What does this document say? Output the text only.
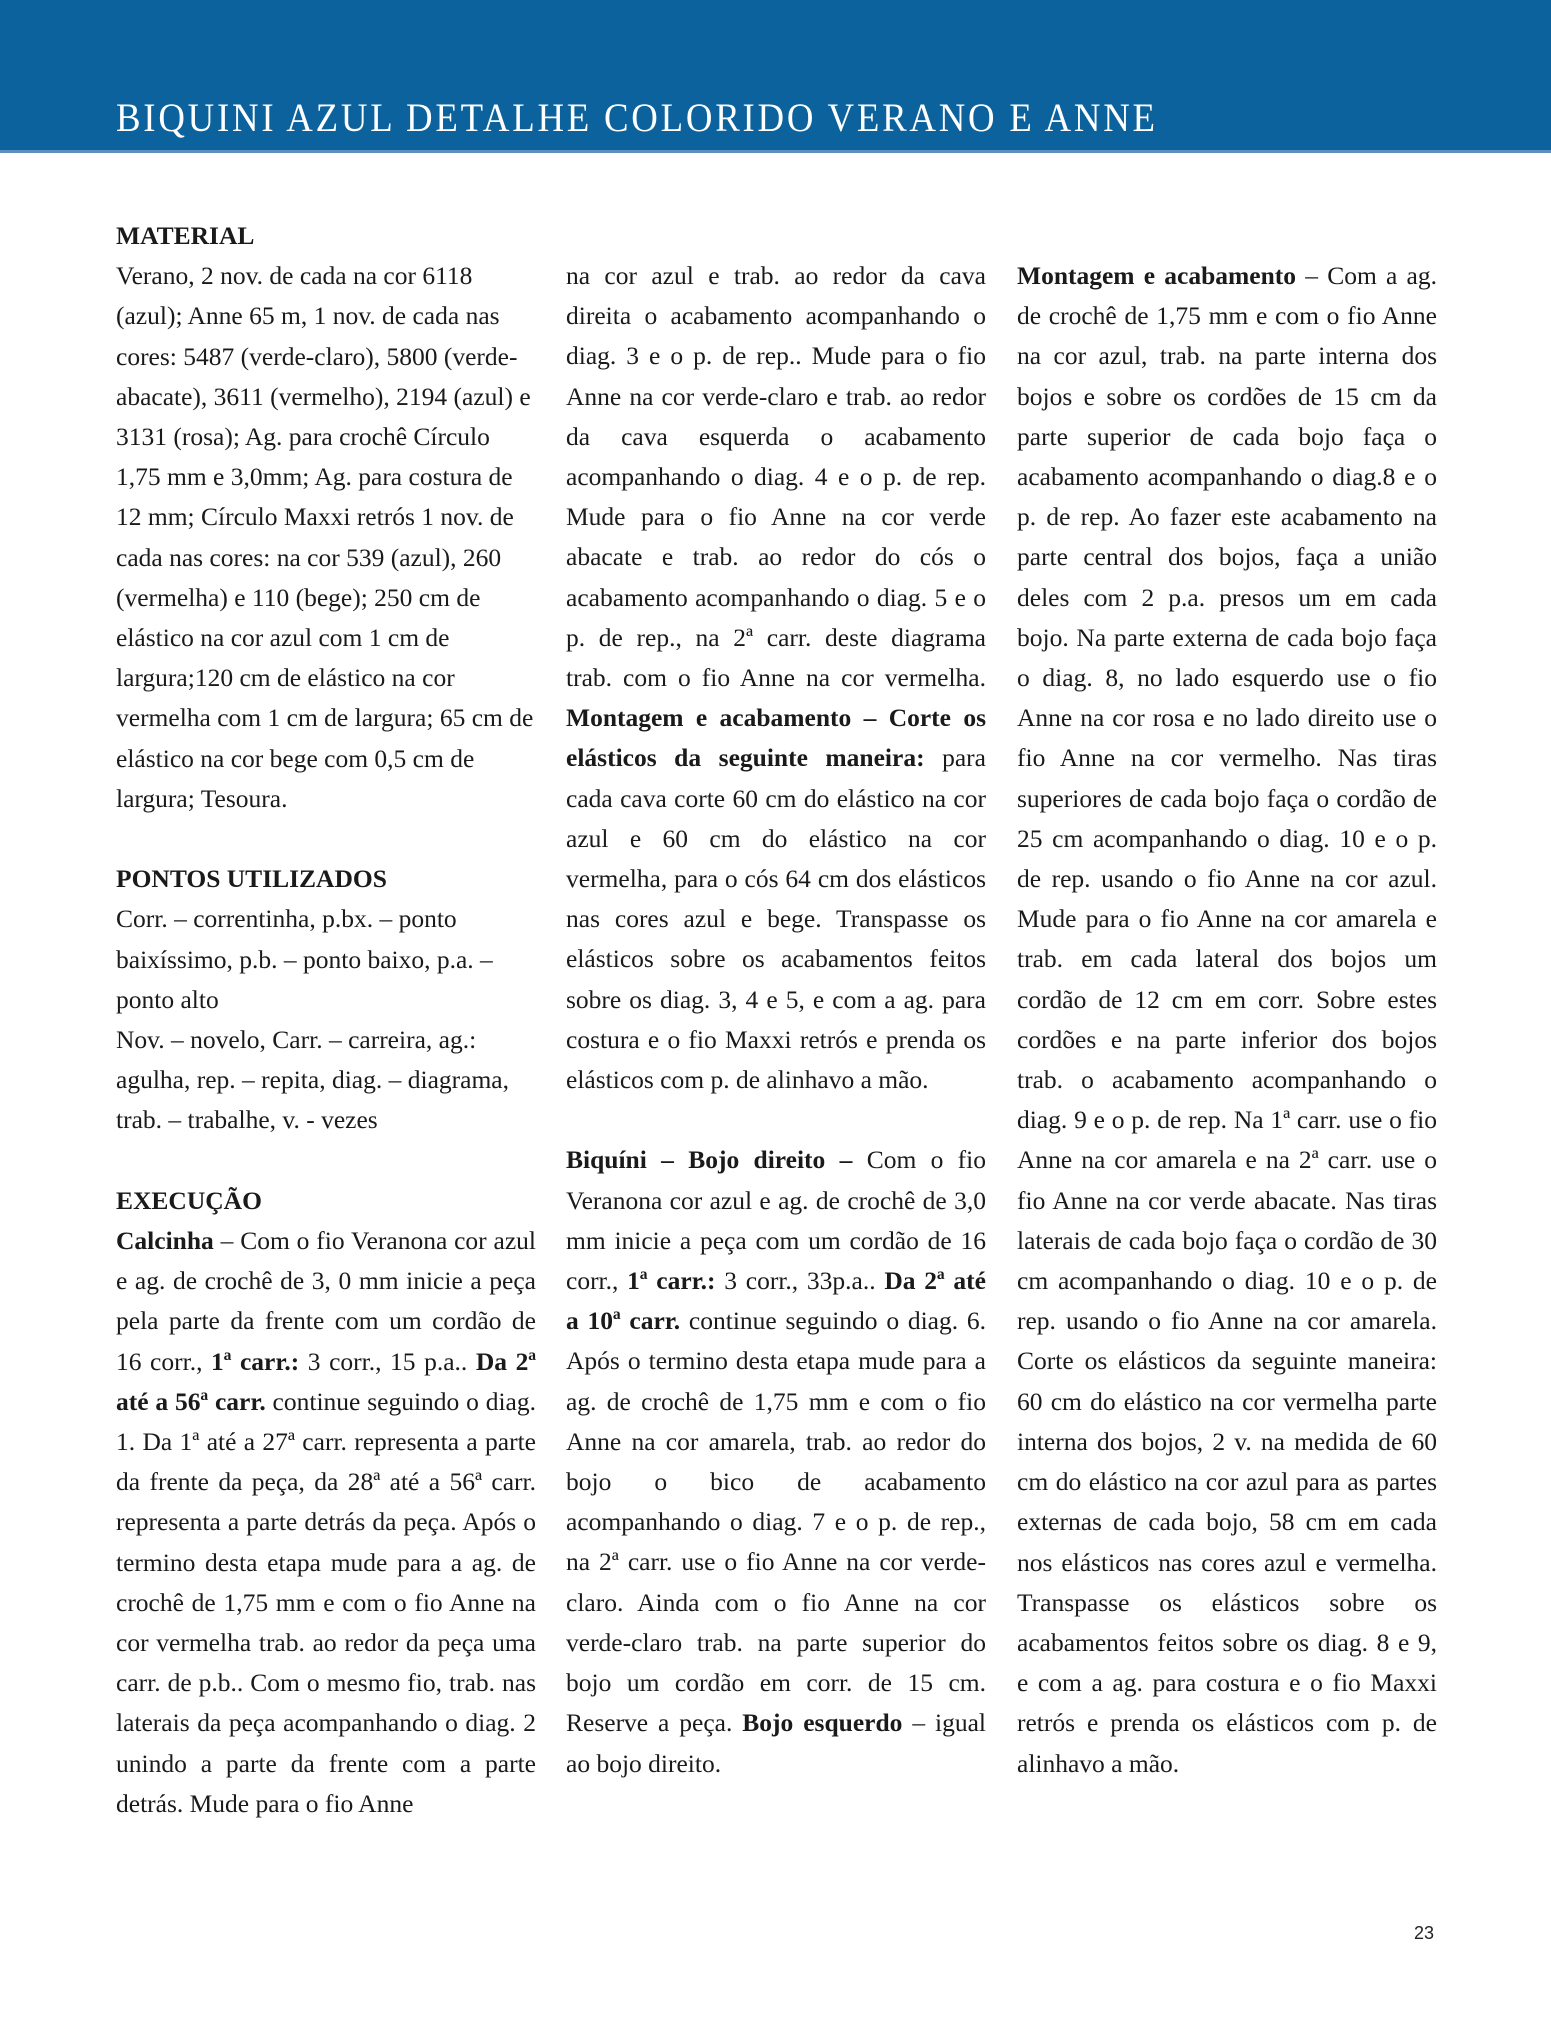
BIQUINI AZUL DETALHE COLORIDO VERANO E ANNE

MATERIAL

Verano, 2 nov. de cada na cor 6118 (azul); Anne 65 m, 1 nov. de cada nas cores: 5487 (verde-claro), 5800 (verde-abacate), 3611 (vermelho), 2194 (azul) e 3131 (rosa); Ag. para crochê Círculo 1,75 mm e 3,0mm; Ag. para costura de 12 mm; Círculo Maxxi retrós 1 nov. de cada nas cores: na cor 539 (azul), 260 (vermelha) e 110 (bege); 250 cm de elástico na cor azul com 1 cm de largura;120 cm de elástico na cor vermelha com 1 cm de largura; 65 cm de elástico na cor bege com 0,5 cm de largura; Tesoura.

PONTOS UTILIZADOS

Corr. – correntinha, p.bx. – ponto baixíssimo, p.b. – ponto baixo, p.a. – ponto alto

Nov. – novelo, Carr. – carreira, ag.: agulha, rep. – repita, diag. – diagrama, trab. – trabalhe, v. - vezes

EXECUÇÃO

Calcinha – Com o fio Veranona cor azul e ag. de crochê de 3, 0 mm inicie a peça pela parte da frente com um cordão de 16 corr., 1ª carr.: 3 corr., 15 p.a.. Da 2ª até a 56ª carr. continue seguindo o diag. 1. Da 1ª até a 27ª carr. representa a parte da frente da peça, da 28ª até a 56ª carr. representa a parte detrás da peça. Após o termino desta etapa mude para a ag. de crochê de 1,75 mm e com o fio Anne na cor vermelha trab. ao redor da peça uma carr. de p.b.. Com o mesmo fio, trab. nas laterais da peça acompanhando o diag. 2 unindo a parte da frente com a parte detrás. Mude para o fio Anne

na cor azul e trab. ao redor da cava direita o acabamento acompanhando o diag. 3 e o p. de rep.. Mude para o fio Anne na cor verde-claro e trab. ao redor da cava esquerda o acabamento acompanhando o diag. 4 e o p. de rep. Mude para o fio Anne na cor verde abacate e trab. ao redor do cós o acabamento acompanhando o diag. 5 e o p. de rep., na 2ª carr. deste diagrama trab. com o fio Anne na cor vermelha. Montagem e acabamento – Corte os elásticos da seguinte maneira: para cada cava corte 60 cm do elástico na cor azul e 60 cm do elástico na cor vermelha, para o cós 64 cm dos elásticos nas cores azul e bege. Transpasse os elásticos sobre os acabamentos feitos sobre os diag. 3, 4 e 5, e com a ag. para costura e o fio Maxxi retrós e prenda os elásticos com p. de alinhavo a mão.

Biquíni – Bojo direito – Com o fio Veranona cor azul e ag. de crochê de 3,0 mm inicie a peça com um cordão de 16 corr., 1ª carr.: 3 corr., 33p.a.. Da 2ª até a 10ª carr. continue seguindo o diag. 6. Após o termino desta etapa mude para a ag. de crochê de 1,75 mm e com o fio Anne na cor amarela, trab. ao redor do bojo o bico de acabamento acompanhando o diag. 7 e o p. de rep., na 2ª carr. use o fio Anne na cor verde-claro. Ainda com o fio Anne na cor verde-claro trab. na parte superior do bojo um cordão em corr. de 15 cm. Reserve a peça. Bojo esquerdo – igual ao bojo direito.

Montagem e acabamento – Com a ag. de crochê de 1,75 mm e com o fio Anne na cor azul, trab. na parte interna dos bojos e sobre os cordões de 15 cm da parte superior de cada bojo faça o acabamento acompanhando o diag.8 e o p. de rep. Ao fazer este acabamento na parte central dos bojos, faça a união deles com 2 p.a. presos um em cada bojo. Na parte externa de cada bojo faça o diag. 8, no lado esquerdo use o fio Anne na cor rosa e no lado direito use o fio Anne na cor vermelho. Nas tiras superiores de cada bojo faça o cordão de 25 cm acompanhando o diag. 10 e o p. de rep. usando o fio Anne na cor azul. Mude para o fio Anne na cor amarela e trab. em cada lateral dos bojos um cordão de 12 cm em corr. Sobre estes cordões e na parte inferior dos bojos trab. o acabamento acompanhando o diag. 9 e o p. de rep. Na 1ª carr. use o fio Anne na cor amarela e na 2ª carr. use o fio Anne na cor verde abacate. Nas tiras laterais de cada bojo faça o cordão de 30 cm acompanhando o diag. 10 e o p. de rep. usando o fio Anne na cor amarela. Corte os elásticos da seguinte maneira: 60 cm do elástico na cor vermelha parte interna dos bojos, 2 v. na medida de 60 cm do elástico na cor azul para as partes externas de cada bojo, 58 cm em cada nos elásticos nas cores azul e vermelha. Transpasse os elásticos sobre os acabamentos feitos sobre os diag. 8 e 9, e com a ag. para costura e o fio Maxxi retrós e prenda os elásticos com p. de alinhavo a mão.

23
